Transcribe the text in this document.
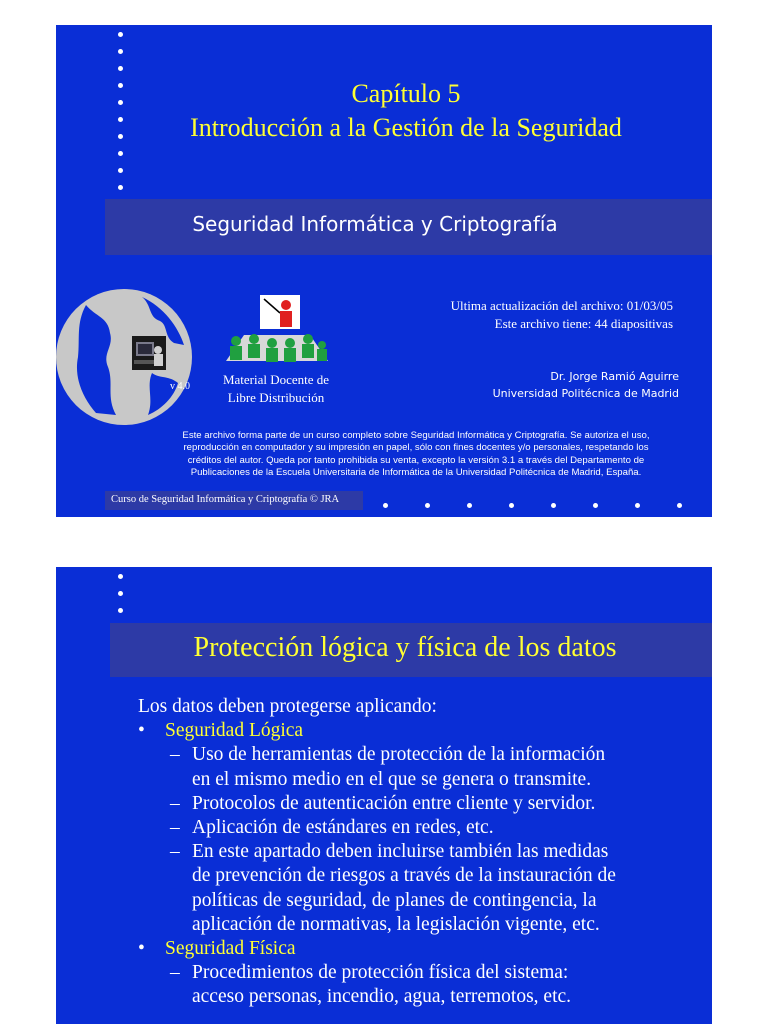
Capítulo 5
Introducción a la Gestión de la Seguridad
Seguridad Informática y Criptografía
v 4.0	Material Docente de
Libre Distribución
Ultima actualización del archivo: 01/03/05
Este archivo tiene: 44 diapositivas
Dr. Jorge Ramió Aguirre
Universidad Politécnica de Madrid
Este archivo forma parte de un curso completo sobre Seguridad Informática y Criptografía. Se autoriza el uso,
reproducción en computador y su impresión en papel, sólo con fines docentes y/o personales, respetando los
créditos del autor. Queda por tanto prohibida su venta, excepto la versión 3.1 a través del Departamento de
Publicaciones de la Escuela Universitaria de Informática de la Universidad Politécnica de Madrid, España.
Curso de Seguridad Informática y Criptografía © JRA
Protección lógica y física de los datos
Los datos deben protegerse aplicando:
• Seguridad Lógica
– Uso de herramientas de protección de la información
en el mismo medio en el que se genera o transmite.
– Protocolos de autenticación entre cliente y servidor.
– Aplicación de estándares en redes, etc.
– En este apartado deben incluirse también las medidas
de prevención de riesgos a través de la instauración de
políticas de seguridad, de planes de contingencia, la
aplicación de normativas, la legislación vigente, etc.
• Seguridad Física
– Procedimientos de protección física del sistema:
acceso personas, incendio, agua, terremotos, etc.
